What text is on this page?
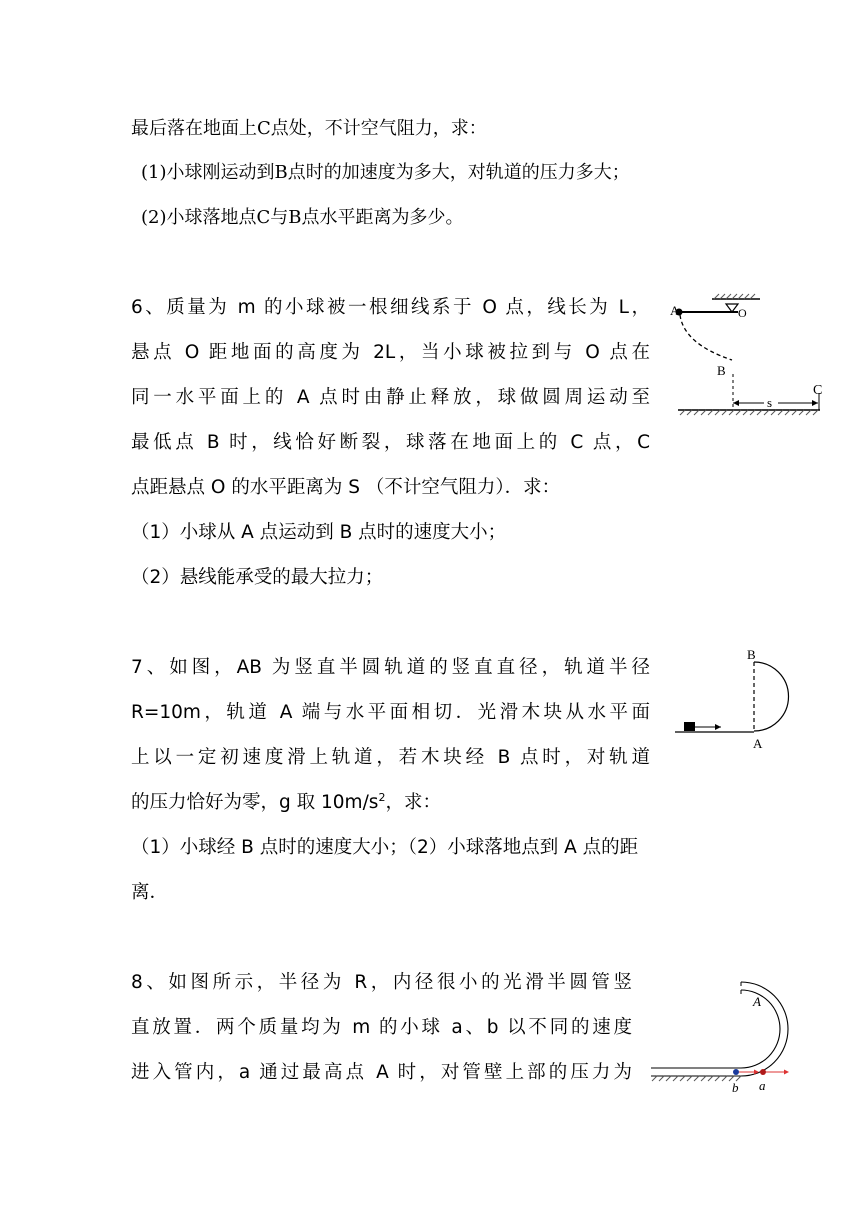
最后落在地面上C点处，不计空气阻力，求：
(1)小球刚运动到B点时的加速度为多大，对轨道的压力多大；
(2)小球落地点C与B点水平距离为多少。
6、质量为 m 的小球被一根细线系于 O 点，线长为 L，
悬点 O 距地面的高度为 2L，当小球被拉到与 O 点在
同一水平面上的 A 点时由静止释放，球做圆周运动至
最低点 B 时，线恰好断裂，球落在地面上的 C 点，C
点距悬点 O 的水平距离为 S （不计空气阻力）．求：
（1）小球从 A 点运动到 B 点时的速度大小；
（2）悬线能承受的最大拉力；
A	O
B
s
C
7、如图，AB 为竖直半圆轨道的竖直直径，轨道半径
R=10m，轨道 A 端与水平面相切．光滑木块从水平面
上以一定初速度滑上轨道，若木块经 B 点时，对轨道
的压力恰好为零，g 取 $10m/s^2$，求：
（1）小球经 B 点时的速度大小；（2）小球落地点到 A 点的距
离．
B
A
8、如图所示，半径为 R，内径很小的光滑半圆管竖
直放置．两个质量均为 m 的小球 a、b 以不同的速度
进入管内，a 通过最高点 A 时，对管壁上部的压力为
A
b a
